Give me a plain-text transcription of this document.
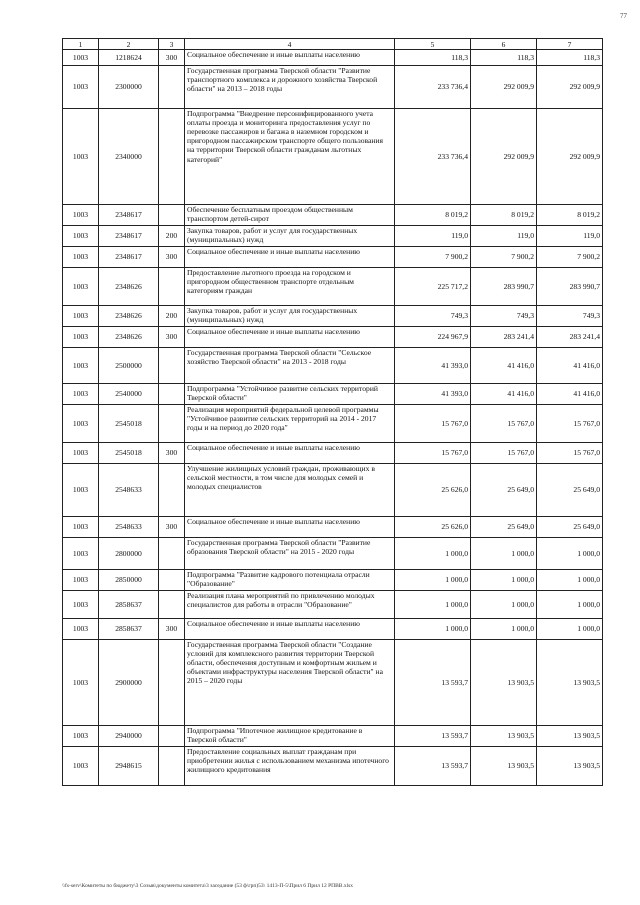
77
1	2	3	4	5	6	7
1003	1218624	300	Социальное обеспечение и иные выплаты населению	118,3	118,3	118,3
1003	2300000		Государственная программа Тверской области "Развитие транспортного комплекса и дорожного хозяйства Тверской области" на 2013 – 2018 годы	233 736,4	292 009,9	292 009,9
1003	2340000		Подпрограмма "Внедрение персонифицированного учета оплаты проезда и мониторинга предоставления услуг по перевозке пассажиров и багажа в наземном городском и пригородном пассажирском транспорте общего пользования на территории Тверской области гражданам льготных категорий"	233 736,4	292 009,9	292 009,9
1003	2348617		Обеспечение бесплатным проездом общественным транспортом детей-сирот	8 019,2	8 019,2	8 019,2
1003	2348617	200	Закупка товаров, работ и услуг для государственных (муниципальных) нужд	119,0	119,0	119,0
1003	2348617	300	Социальное обеспечение и иные выплаты населению	7 900,2	7 900,2	7 900,2
1003	2348626		Предоставление льготного проезда на городском и пригородном общественном транспорте отдельным категориям граждан	225 717,2	283 990,7	283 990,7
1003	2348626	200	Закупка товаров, работ и услуг для государственных (муниципальных) нужд	749,3	749,3	749,3
1003	2348626	300	Социальное обеспечение и иные выплаты населению	224 967,9	283 241,4	283 241,4
1003	2500000		Государственная программа Тверской области "Сельское хозяйство Тверской области" на 2013 - 2018 годы	41 393,0	41 416,0	41 416,0
1003	2540000		Подпрограмма "Устойчивое развитие сельских территорий Тверской области"	41 393,0	41 416,0	41 416,0
1003	2545018		Реализация мероприятий федеральной целевой программы "Устойчивое развитие сельских территорий на 2014 - 2017 годы и на период до 2020 года"	15 767,0	15 767,0	15 767,0
1003	2545018	300	Социальное обеспечение и иные выплаты населению	15 767,0	15 767,0	15 767,0
1003	2548633		Улучшение жилищных условий граждан, проживающих в сельской местности, в том числе для молодых семей и молодых специалистов	25 626,0	25 649,0	25 649,0
1003	2548633	300	Социальное обеспечение и иные выплаты населению	25 626,0	25 649,0	25 649,0
1003	2800000		Государственная программа Тверской области "Развитие образования Тверской области" на 2015 - 2020 годы	1 000,0	1 000,0	1 000,0
1003	2850000		Подпрограмма "Развитие кадрового потенциала отрасли "Образование"	1 000,0	1 000,0	1 000,0
1003	2858637		Реализация плана мероприятий по привлечению молодых специалистов для работы в отрасли "Образование"	1 000,0	1 000,0	1 000,0
1003	2858637	300	Социальное обеспечение и иные выплаты населению	1 000,0	1 000,0	1 000,0
1003	2900000		Государственная программа Тверской области "Создание условий для комплексного развития территории Тверской области, обеспечения доступным и комфортным жильем и объектами инфраструктуры населения Тверской области" на 2015 – 2020 годы	13 593,7	13 903,5	13 903,5
1003	2940000		Подпрограмма "Ипотечное жилищное кредитование в Тверской области"	13 593,7	13 903,5	13 903,5
1003	2948615		Предоставление социальных выплат гражданам при приобретении жилья с использованием механизма ипотечного жилищного кредитования	13 593,7	13 903,5	13 903,5
\\fs-serv\Комитеты по бюджету\3 Созыв\документы комитета\3 заседание (53 ф\грп)53\ 1413-П-5\Прил 6 Прил 12 РПВВ.xlsx
